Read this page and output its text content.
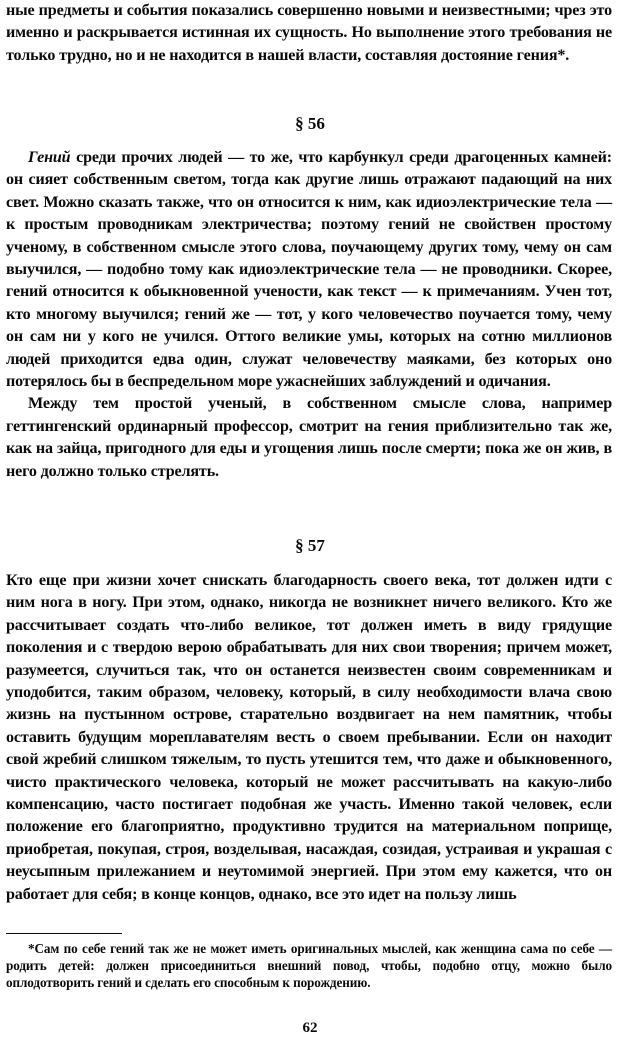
ные предметы и события показались совершенно новыми и неизвестными; чрез это именно и раскрывается истинная их сущность. Но выполнение этого требования не только трудно, но и не находится в нашей власти, составляя достояние гения*.

§ 56

Гений среди прочих людей — то же, что карбункул среди драгоценных камней: он сияет собственным светом, тогда как другие лишь отражают падающий на них свет. Можно сказать также, что он относится к ним, как идиоэлектрические тела — к простым проводникам электричества; поэтому гений не свойствен простому ученому, в собственном смысле этого слова, поучающему других тому, чему он сам выучился, — подобно тому как идиоэлектрические тела — не проводники. Скорее, гений относится к обыкновенной учености, как текст — к примечаниям. Учен тот, кто многому выучился; гений же — тот, у кого человечество поучается тому, чему он сам ни у кого не учился. Оттого великие умы, которых на сотню миллионов людей приходится едва один, служат человечеству маяками, без которых оно потерялось бы в беспредельном море ужаснейших заблуждений и одичания.

Между тем простой ученый, в собственном смысле слова, например геттингенский ординарный профессор, смотрит на гения приблизительно так же, как на зайца, пригодного для еды и угощения лишь после смерти; пока же он жив, в него должно только стрелять.

§ 57

Кто еще при жизни хочет снискать благодарность своего века, тот должен идти с ним нога в ногу. При этом, однако, никогда не возникнет ничего великого. Кто же рассчитывает создать что-либо великое, тот должен иметь в виду грядущие поколения и с твердою верою обрабатывать для них свои творения; причем может, разумеется, случиться так, что он останется неизвестен своим современникам и уподобится, таким образом, человеку, который, в силу необходимости влача свою жизнь на пустынном острове, старательно воздвигает на нем памятник, чтобы оставить будущим мореплавателям весть о своем пребывании. Если он находит свой жребий слишком тяжелым, то пусть утешится тем, что даже и обыкновенного, чисто практического человека, который не может рассчитывать на какую-либо компенсацию, часто постигает подобная же участь. Именно такой человек, если положение его благоприятно, продуктивно трудится на материальном поприще, приобретая, покупая, строя, возделывая, насаждая, созидая, устраивая и украшая с неусыпным прилежанием и неутомимой энергией. При этом ему кажется, что он работает для себя; в конце концов, однако, все это идет на пользу лишь

*Сам по себе гений так же не может иметь оригинальных мыслей, как женщина сама по себе — родить детей: должен присоединиться внешний повод, чтобы, подобно отцу, можно было оплодотворить гений и сделать его способным к порождению.

62
